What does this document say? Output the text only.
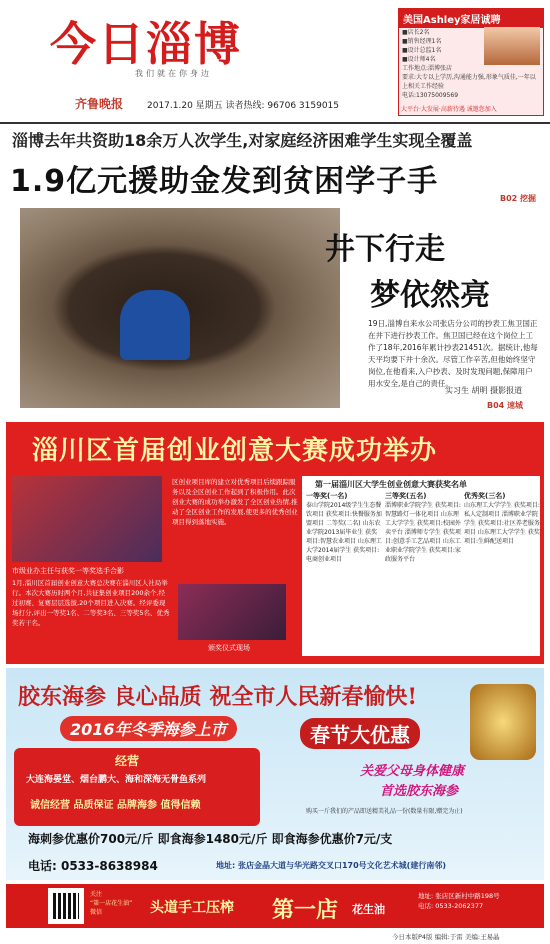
今日淄博
我们就在你身边
齐鲁晚报	2017.1.20 星期五 读者热线: 96706 3159015
美国Ashley家居诚聘
■店长2名
■销售经理1名
■设计总监1名
■设计师4名
工作地点:淄博张店
要求:大专以上学历,沟通能力强,形象气质佳,一年以上相关工作经验
电话:13075009569
大平台·大发展·高薪待遇 诚邀您加入
淄博去年共资助18余万人次学生,对家庭经济困难学生实现全覆盖
1.9亿元援助金发到贫困学子手	B02 挖掘
井下行走
梦依然亮
19日,淄博自来水公司张店分公司的抄表工焦卫国正在井下进行抄表工作。焦卫国已经在这个岗位上工作了18年,2016年累计抄表21451次。据统计,他每天平均要下井十余次。尽管工作辛苦,但他始终坚守岗位,在他看来,入户抄表、及时发现问题,保障用户用水安全,是自己的责任。
实习生 胡明 摄影报道
B04 速城
淄川区首届创业创意大赛成功举办
区创业项目库的建立对优秀项目后续跟踪服务以及全区创业工作起到了积极作用。此次创业大赛的成功举办激发了全区创业热情,推动了全区创业工作的发展,使更多的优秀创业项目得到落地实施。
市级业办主任与获奖一等奖选手合影
1月,淄川区首届创业创意大赛总决赛在淄川区人社局举行。本次大赛历时两个月,共征集创业项目200余个,经过初赛、复赛层层选拔,20个项目进入决赛。经评委现场打分,评出一等奖1名、二等奖3名、三等奖5名、优秀奖若干名。
颁奖仪式现场
第一届淄川区大学生创业创意大赛获奖名单
一等奖(一名)
泰山学院2014级学生生态餐饮项目 获奖项目:快餐服务加盟项目 二等奖(二名) 山东农业学院2013届毕业生 获奖项目:智慧农业项目 山东理工大学2014届学生 获奖项目:电商创业项目
三等奖(五名)
淄博职业学院学生 获奖项目:智慧路灯一体化项目 山东理工大学学生 获奖项目:校园外卖平台 淄博师专学生 获奖项目:创意手工艺品项目 山东工业职业学院学生 获奖项目:家政服务平台
优秀奖(三名)
山东理工大学学生 获奖项目:私人定制项目 淄博职业学院学生 获奖项目:社区养老服务项目 山东理工大学学生 获奖项目:生鲜配送项目
胶东海参 良心品质 祝全市人民新春愉快!
2016年冬季海参上市	春节大优惠
经营
大连海晏堂、烟台鹏大、海和深海无骨鱼系列
诚信经营 品质保证 品牌海参 值得信赖
关爱父母身体健康
首选胶东海参
购买一斤我们的产品即送精美礼品一份(数量有限,赠完为止)
海刺参优惠价700元/斤 即食海参1480元/斤 即食海参优惠价7元/支
电话: 0533-8638984	地址: 张店金晶大道与华光路交叉口170号文化艺术城(建行南邻)
关注
“第一店花生油”
微信	头道手工压榨 第一店 花生油
地址: 张店区新村中路198号
电话: 0533-2062377
今日本版P4版 编辑:于雷 美编:王易晶
